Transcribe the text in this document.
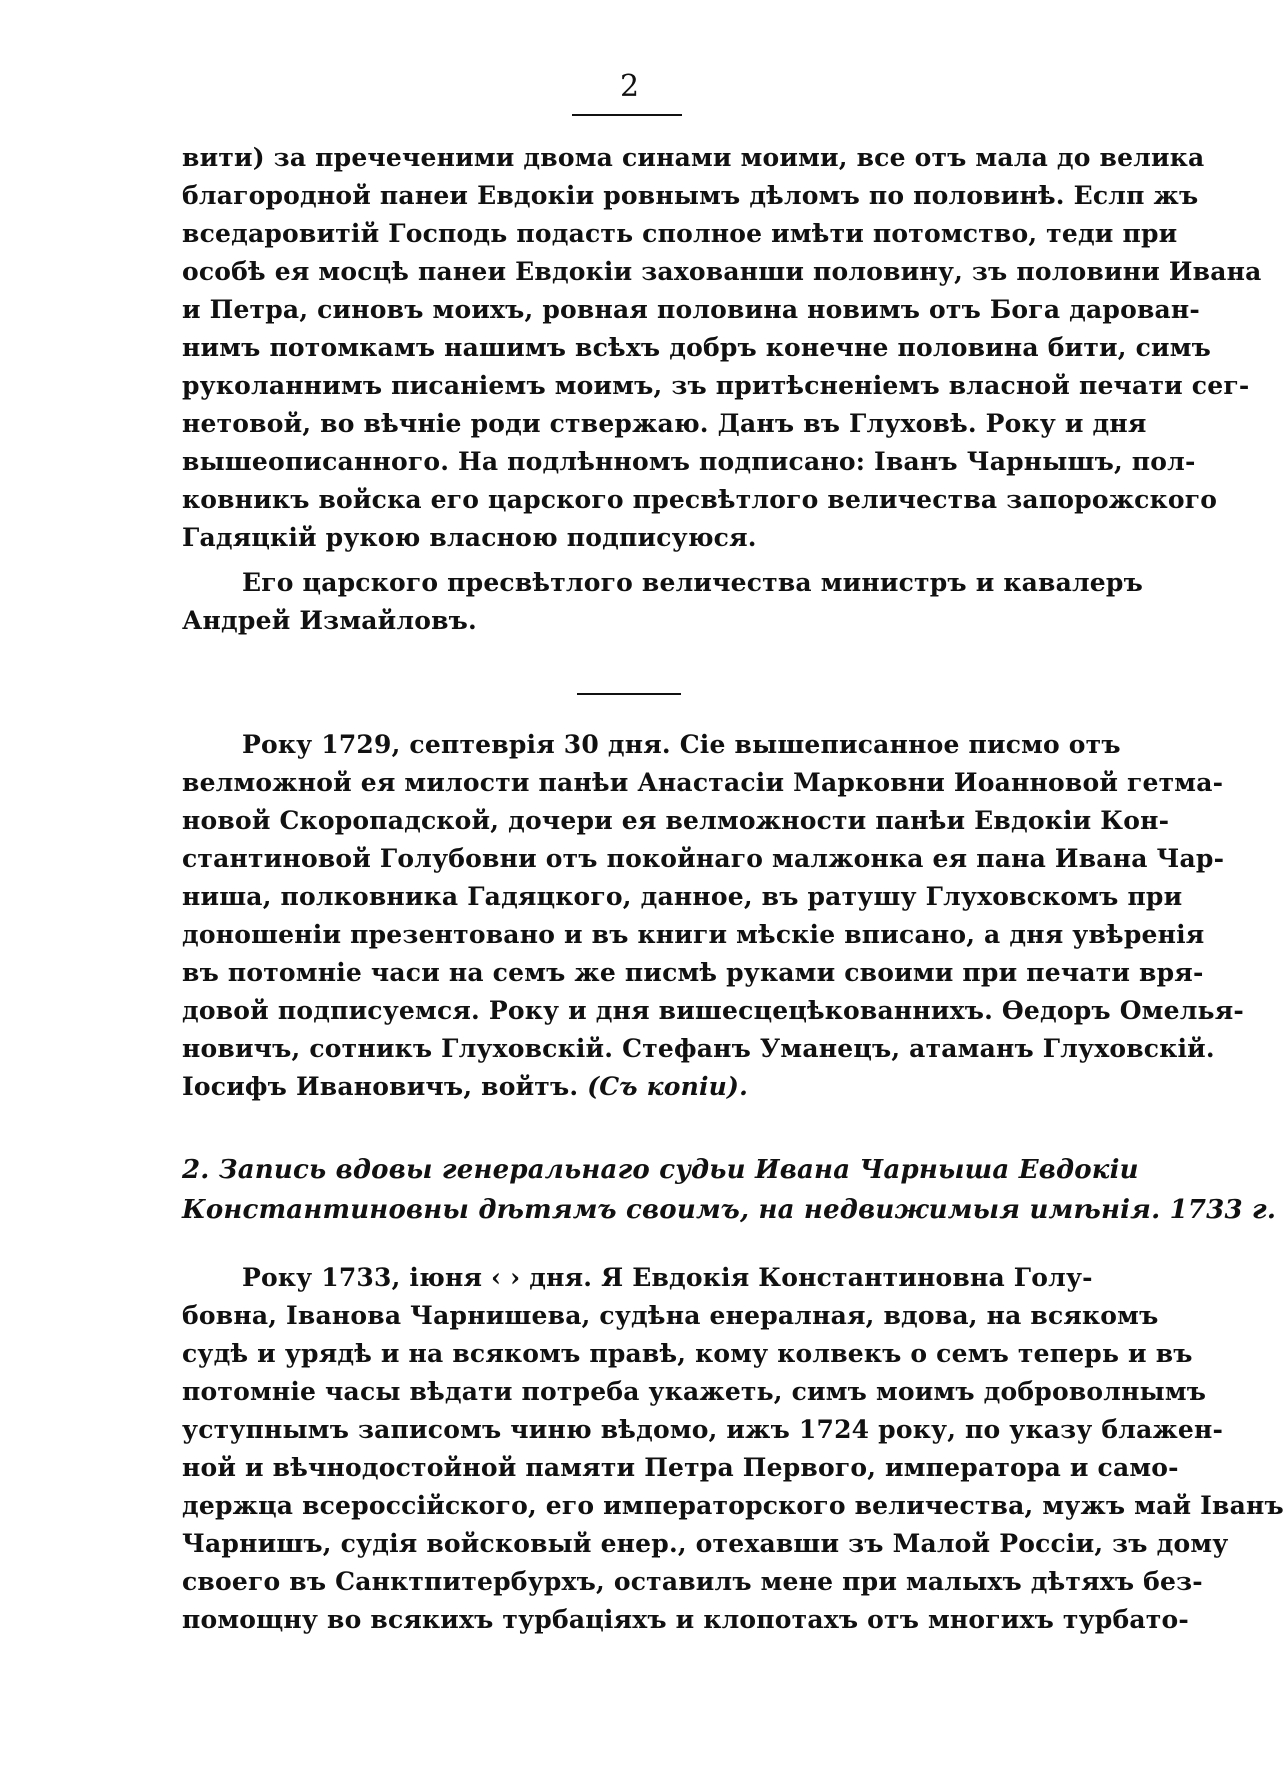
2
вити) за пречеченими двома синами моими, все отъ мала до велика
благородной панеи Евдокіи ровнымъ дѣломъ по половинѣ. Еслп жъ
вседаровитій Господь подасть сполное имѣти потомство, теди при
особѣ ея мосцѣ панеи Евдокіи захованши половину, зъ половини Ивана
и Петра, синовъ моихъ, ровная половина новимъ отъ Бога дарован-
нимъ потомкамъ нашимъ всѣхъ добръ конечне половина бити, симъ
руколаннимъ писаніемъ моимъ, зъ притѣсненіемъ власной печати сег-
нетовой, во вѣчніе роди ствержаю. Данъ въ Глуховѣ. Року и дня
вышеописанного. На подлѣнномъ подписано: Іванъ Чарнышъ, пол-
ковникъ войска его царского пресвѣтлого величества запорожского
Гадяцкій рукою власною подписуюся.
Его царского пресвѣтлого величества министръ и кавалеръ
Андрей Измайловъ.
Року 1729, септеврія 30 дня. Сіе вышеписанное писмо отъ
велможной ея милости панѣи Анастасіи Марковни Иоанновой гетма-
новой Скоропадской, дочери ея велможности панѣи Евдокіи Кон-
стантиновой Голубовни отъ покойнаго малжонка ея пана Ивана Чар-
ниша, полковника Гадяцкого, данное, въ ратушу Глуховскомъ при
доношеніи презентовано и въ книги мѣскіе вписано, а дня увѣренія
въ потомніе часи на семъ же писмѣ руками своими при печати вря-
довой подписуемся. Року и дня вишесцецѣкованнихъ. Ѳедоръ Омелья-
новичъ, сотникъ Глуховскій. Стефанъ Уманецъ, атаманъ Глуховскій.
Іосифъ Ивановичъ, войтъ. (Съ копіи).
2. Запись вдовы генеральнаго судьи Ивана Чарныша Евдокіи
Константиновны дѣтямъ своимъ, на недвижимыя имѣнія. 1733 г.
Року 1733, іюня ‹ › дня. Я Евдокія Константиновна Голу-
бовна, Іванова Чарнишева, судѣна енералная, вдова, на всякомъ
судѣ и урядѣ и на всякомъ правѣ, кому колвекъ о семъ теперь и въ
потомніе часы вѣдати потреба укажеть, симъ моимъ доброволнымъ
уступнымъ записомъ чиню вѣдомо, ижъ 1724 року, по указу блажен-
ной и вѣчнодостойной памяти Петра Первого, императора и само-
держца всероссійского, его императорского величества, мужъ май Іванъ
Чарнишъ, судія войсковый енер., отехавши зъ Малой Россіи, зъ дому
своего въ Санктпитербурхъ, оставилъ мене при малыхъ дѣтяхъ без-
помощну во всякихъ турбаціяхъ и клопотахъ отъ многихъ турбато-
